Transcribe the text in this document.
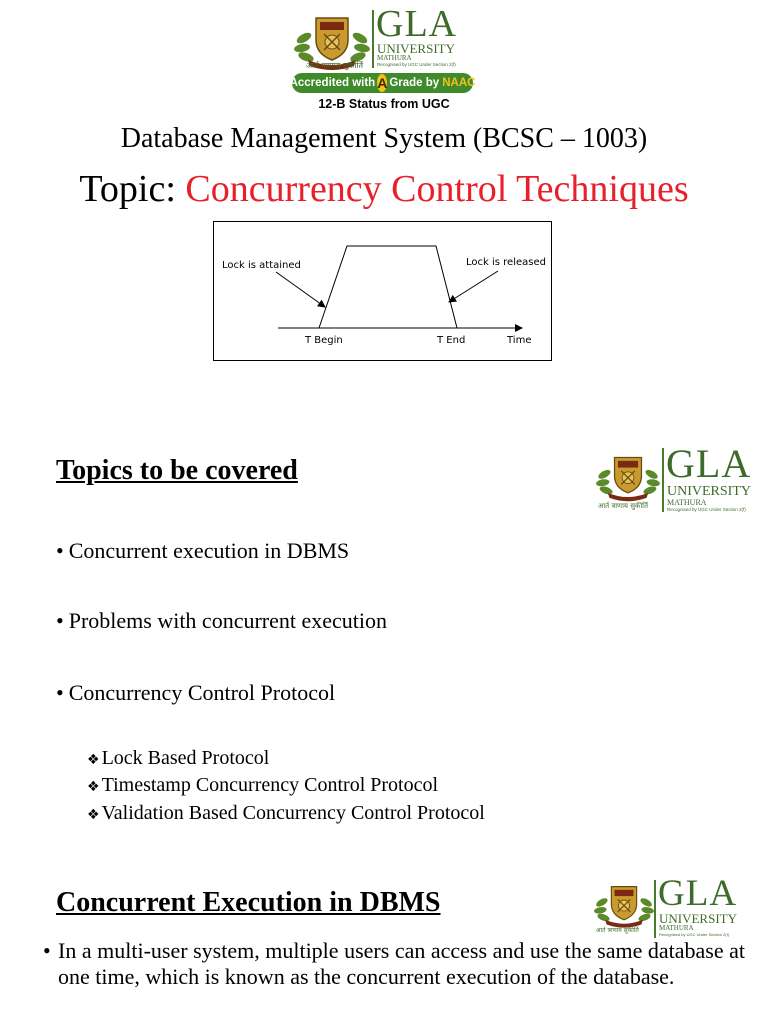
आर्त त्राणाय सुकीर्ति
GLA
UNIVERSITY
MATHURA
Recognised by UGC Under Section 2(f)
Accredited with A Grade by NAAC
12-B Status from UGC
Database Management System (BCSC – 1003)
Topic: Concurrency Control Techniques
Lock is attained	Lock is released
T Begin	T End	Time
Topics to be covered
आर्त त्राणाय सुकीर्ति
GLA
UNIVERSITY
MATHURA
Recognised by UGC Under Section 2(f)
• Concurrent execution in DBMS
• Problems with concurrent execution
• Concurrency Control Protocol
❖ Lock Based Protocol
❖ Timestamp Concurrency Control Protocol
❖ Validation Based Concurrency Control Protocol
Concurrent Execution in DBMS
आर्त त्राणाय सुकीर्ति
GLA
UNIVERSITY
MATHURA
Recognised by UGC Under Section 2(f)
• In a multi-user system, multiple users can access and use the same database at one time, which is known as the concurrent execution of the database.
